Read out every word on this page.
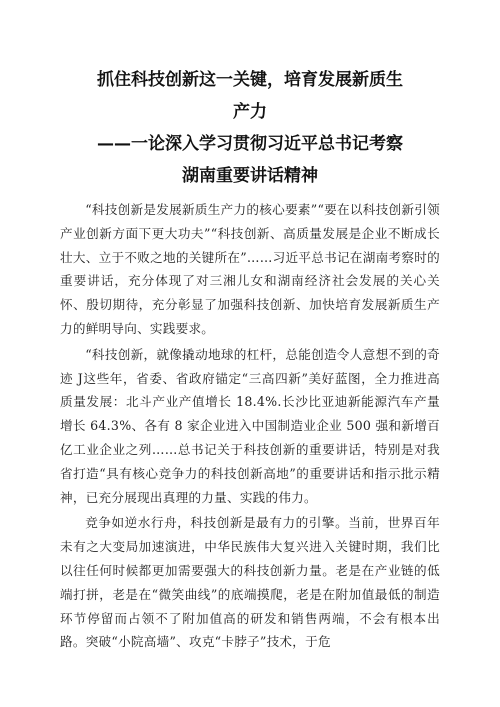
抓住科技创新这一关键，培育发展新质生
产力
——一论深入学习贯彻习近平总书记考察
湖南重要讲话精神

“科技创新是发展新质生产力的核心要素”“要在以科技创新引领产业创新方面下更大功夫”“科技创新、高质量发展是企业不断成长壮大、立于不败之地的关键所在”……习近平总书记在湖南考察时的重要讲话，充分体现了对三湘儿女和湖南经济社会发展的关心关怀、殷切期待，充分彰显了加强科技创新、加快培育发展新质生产力的鲜明导向、实践要求。

“科技创新，就像撬动地球的杠杆，总能创造令人意想不到的奇迹 J这些年，省委、省政府锚定“三高四新”美好蓝图，全力推进高质量发展：北斗产业产值增长 18.4%.长沙比亚迪新能源汽车产量增长 64.3%、各有 8 家企业进入中国制造业企业 500 强和新增百亿工业企业之列……总书记关于科技创新的重要讲话，特别是对我省打造“具有核心竞争力的科技创新高地”的重要讲话和指示批示精神，已充分展现出真理的力量、实践的伟力。

竞争如逆水行舟，科技创新是最有力的引擎。当前，世界百年未有之大变局加速演进，中华民族伟大复兴进入关键时期，我们比以往任何时候都更加需要强大的科技创新力量。老是在产业链的低端打拼，老是在“微笑曲线”的底端摸爬，老是在附加值最低的制造环节停留而占领不了附加值高的研发和销售两端，不会有根本出路。突破“小院高墙”、攻克“卡脖子”技术，于危
